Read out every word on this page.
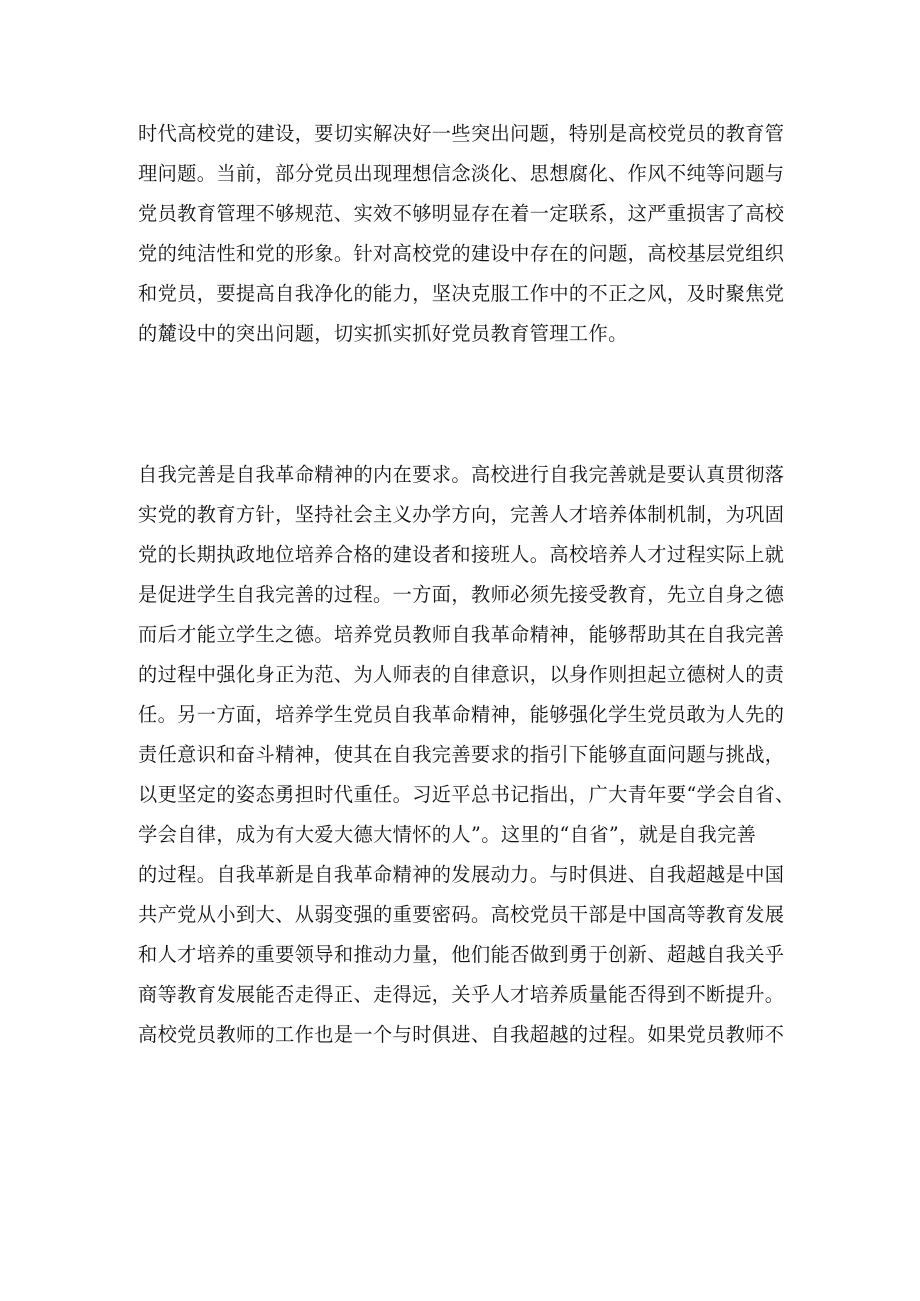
时代高校党的建设，要切实解决好一些突出问题，特别是高校党员的教育管
理问题。当前，部分党员出现理想信念淡化、思想腐化、作风不纯等问题与
党员教育管理不够规范、实效不够明显存在着一定联系，这严重损害了高校
党的纯洁性和党的形象。针对高校党的建设中存在的问题，高校基层党组织
和党员，要提高自我净化的能力，坚决克服工作中的不正之风，及时聚焦党
的麓设中的突出问题，切实抓实抓好党员教育管理工作。
自我完善是自我革命精神的内在要求。高校进行自我完善就是要认真贯彻落
实党的教育方针，坚持社会主义办学方向，完善人才培养体制机制，为巩固
党的长期执政地位培养合格的建设者和接班人。高校培养人才过程实际上就
是促进学生自我完善的过程。一方面，教师必须先接受教育，先立自身之德
而后才能立学生之德。培养党员教师自我革命精神，能够帮助其在自我完善
的过程中强化身正为范、为人师表的自律意识，以身作则担起立德树人的责
任。另一方面，培养学生党员自我革命精神，能够强化学生党员敢为人先的
责任意识和奋斗精神，使其在自我完善要求的指引下能够直面问题与挑战，
以更坚定的姿态勇担时代重任。习近平总书记指出，广大青年要“学会自省、
学会自律，成为有大爱大德大情怀的人”。这里的“自省”，就是自我完善
的过程。自我革新是自我革命精神的发展动力。与时俱进、自我超越是中国
共产党从小到大、从弱变强的重要密码。高校党员干部是中国高等教育发展
和人才培养的重要领导和推动力量，他们能否做到勇于创新、超越自我关乎
商等教育发展能否走得正、走得远，关乎人才培养质量能否得到不断提升。
高校党员教师的工作也是一个与时俱进、自我超越的过程。如果党员教师不
